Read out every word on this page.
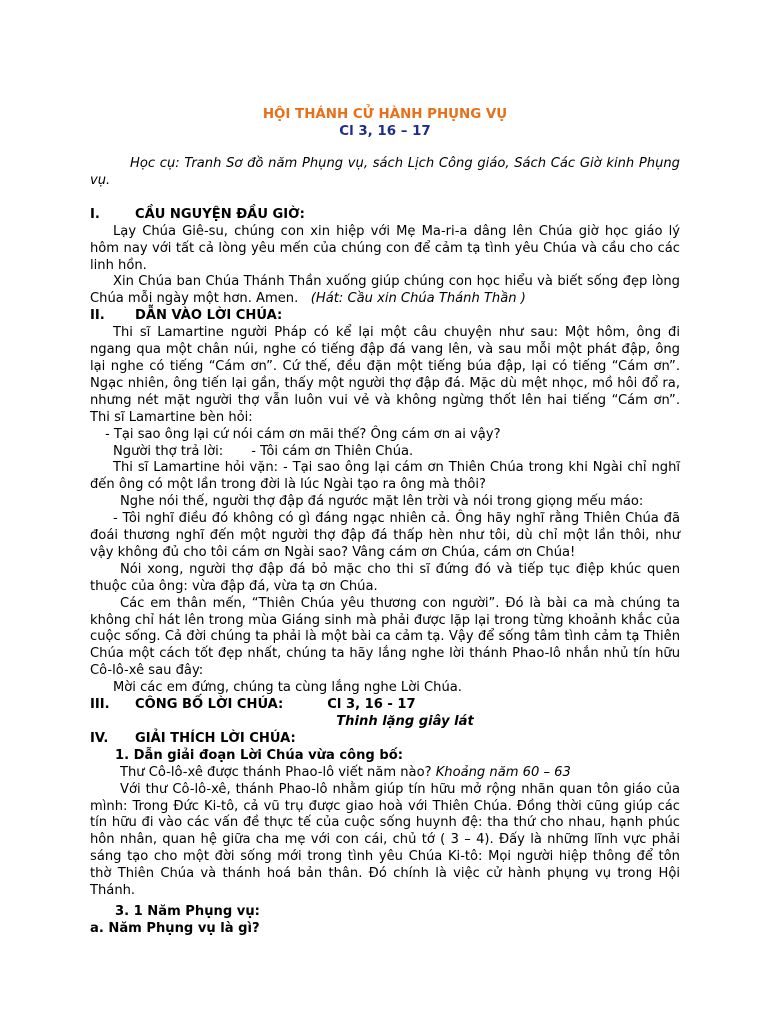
HỘI THÁNH CỬ HÀNH PHỤNG VỤ

Cl 3, 16 – 17

Học cụ: Tranh Sơ đồ năm Phụng vụ, sách Lịch Công giáo, Sách Các Giờ kinh Phụng vụ.

I.	CẦU NGUYỆN ĐẦU GIỜ:

Lạy Chúa Giê-su, chúng con xin hiệp với Mẹ Ma-ri-a dâng lên Chúa giờ học giáo lý hôm nay với tất cả lòng yêu mến của chúng con để cảm tạ tình yêu Chúa và cầu cho các linh hồn.

Xin Chúa ban Chúa Thánh Thần xuống giúp chúng con học hiểu và biết sống đẹp lòng Chúa mỗi ngày một hơn. Amen. (Hát: Cầu xin Chúa Thánh Thần )

II.	DẪN VÀO LỜI CHÚA:

Thi sĩ Lamartine người Pháp có kể lại một câu chuyện như sau: Một hôm, ông đi ngang qua một chân núi, nghe có tiếng đập đá vang lên, và sau mỗi một phát đập, ông lại nghe có tiếng “Cám ơn”. Cứ thế, đều đặn một tiếng búa đập, lại có tiếng “Cám ơn”. Ngạc nhiên, ông tiến lại gần, thấy một người thợ đập đá. Mặc dù mệt nhọc, mồ hôi đổ ra, nhưng nét mặt người thợ vẫn luôn vui vẻ và không ngừng thốt lên hai tiếng “Cám ơn”. Thi sĩ Lamartine bèn hỏi:

- Tại sao ông lại cứ nói cám ơn mãi thế? Ông cám ơn ai vậy?

Người thợ trả lời: - Tôi cám ơn Thiên Chúa.

Thi sĩ Lamartine hỏi vặn: - Tại sao ông lại cám ơn Thiên Chúa trong khi Ngài chỉ nghĩ đến ông có một lần trong đời là lúc Ngài tạo ra ông mà thôi?

Nghe nói thế, người thợ đập đá ngước mặt lên trời và nói trong giọng mếu máo:

- Tôi nghĩ điều đó không có gì đáng ngạc nhiên cả. Ông hãy nghĩ rằng Thiên Chúa đã đoái thương nghĩ đến một người thợ đập đá thấp hèn như tôi, dù chỉ một lần thôi, như vậy không đủ cho tôi cám ơn Ngài sao? Vâng cám ơn Chúa, cám ơn Chúa!

Nói xong, người thợ đập đá bỏ mặc cho thi sĩ đứng đó và tiếp tục điệp khúc quen thuộc của ông: vừa đập đá, vừa tạ ơn Chúa.

Các em thân mến, “Thiên Chúa yêu thương con người”. Đó là bài ca mà chúng ta không chỉ hát lên trong mùa Giáng sinh mà phải được lặp lại trong từng khoảnh khắc của cuộc sống. Cả đời chúng ta phải là một bài ca cảm tạ. Vậy để sống tâm tình cảm tạ Thiên Chúa một cách tốt đẹp nhất, chúng ta hãy lắng nghe lời thánh Phao-lô nhắn nhủ tín hữu Cô-lô-xê sau đây:

Mời các em đứng, chúng ta cùng lắng nghe Lời Chúa.

III.	CÔNG BỐ LỜI CHÚA:	Cl 3, 16 - 17

Thinh lặng giây lát

IV.	GIẢI THÍCH LỜI CHÚA:

1. Dẫn giải đoạn Lời Chúa vừa công bố:

Thư Cô-lô-xê được thánh Phao-lô viết năm nào? Khoảng năm 60 – 63

Với thư Cô-lô-xê, thánh Phao-lô nhằm giúp tín hữu mở rộng nhãn quan tôn giáo của mình: Trong Đức Ki-tô, cả vũ trụ được giao hoà với Thiên Chúa. Đồng thời cũng giúp các tín hữu đi vào các vấn đề thực tế của cuộc sống huynh đệ: tha thứ cho nhau, hạnh phúc hôn nhân, quan hệ giữa cha mẹ với con cái, chủ tớ ( 3 – 4). Đấy là những lĩnh vực phải sáng tạo cho một đời sống mới trong tình yêu Chúa Ki-tô: Mọi người hiệp thông để tôn thờ Thiên Chúa và thánh hoá bản thân. Đó chính là việc cử hành phụng vụ trong Hội Thánh.

3. 1 Năm Phụng vụ:

a. Năm Phụng vụ là gì?
